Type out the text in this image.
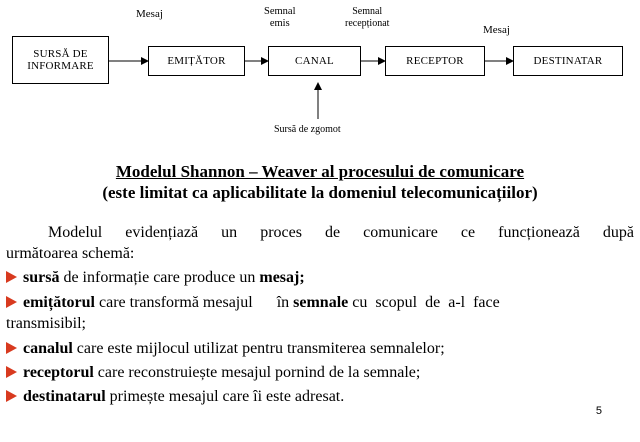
SURSĂ DE
INFORMARE	EMIȚĂTOR	CANAL	RECEPTOR	DESTINATAR
Mesaj	Semnal
emis
Semnal
recepționat
Mesaj
Sursă de zgomot
Modelul Shannon – Weaver al procesului de comunicare
(este limitat ca aplicabilitate la domeniul telecomunicațiilor)
Modelul evidențiază un proces de comunicare ce funcționează după
următoarea schemă:
sursă de informație care produce un mesaj;
emițătorul care transformă mesajul      în semnale cu  scopul  de  a-l  face
transmisibil;
canalul care este mijlocul utilizat pentru transmiterea semnalelor;
receptorul care reconstruiește mesajul pornind de la semnale;
destinatarul primește mesajul care îi este adresat.
5
